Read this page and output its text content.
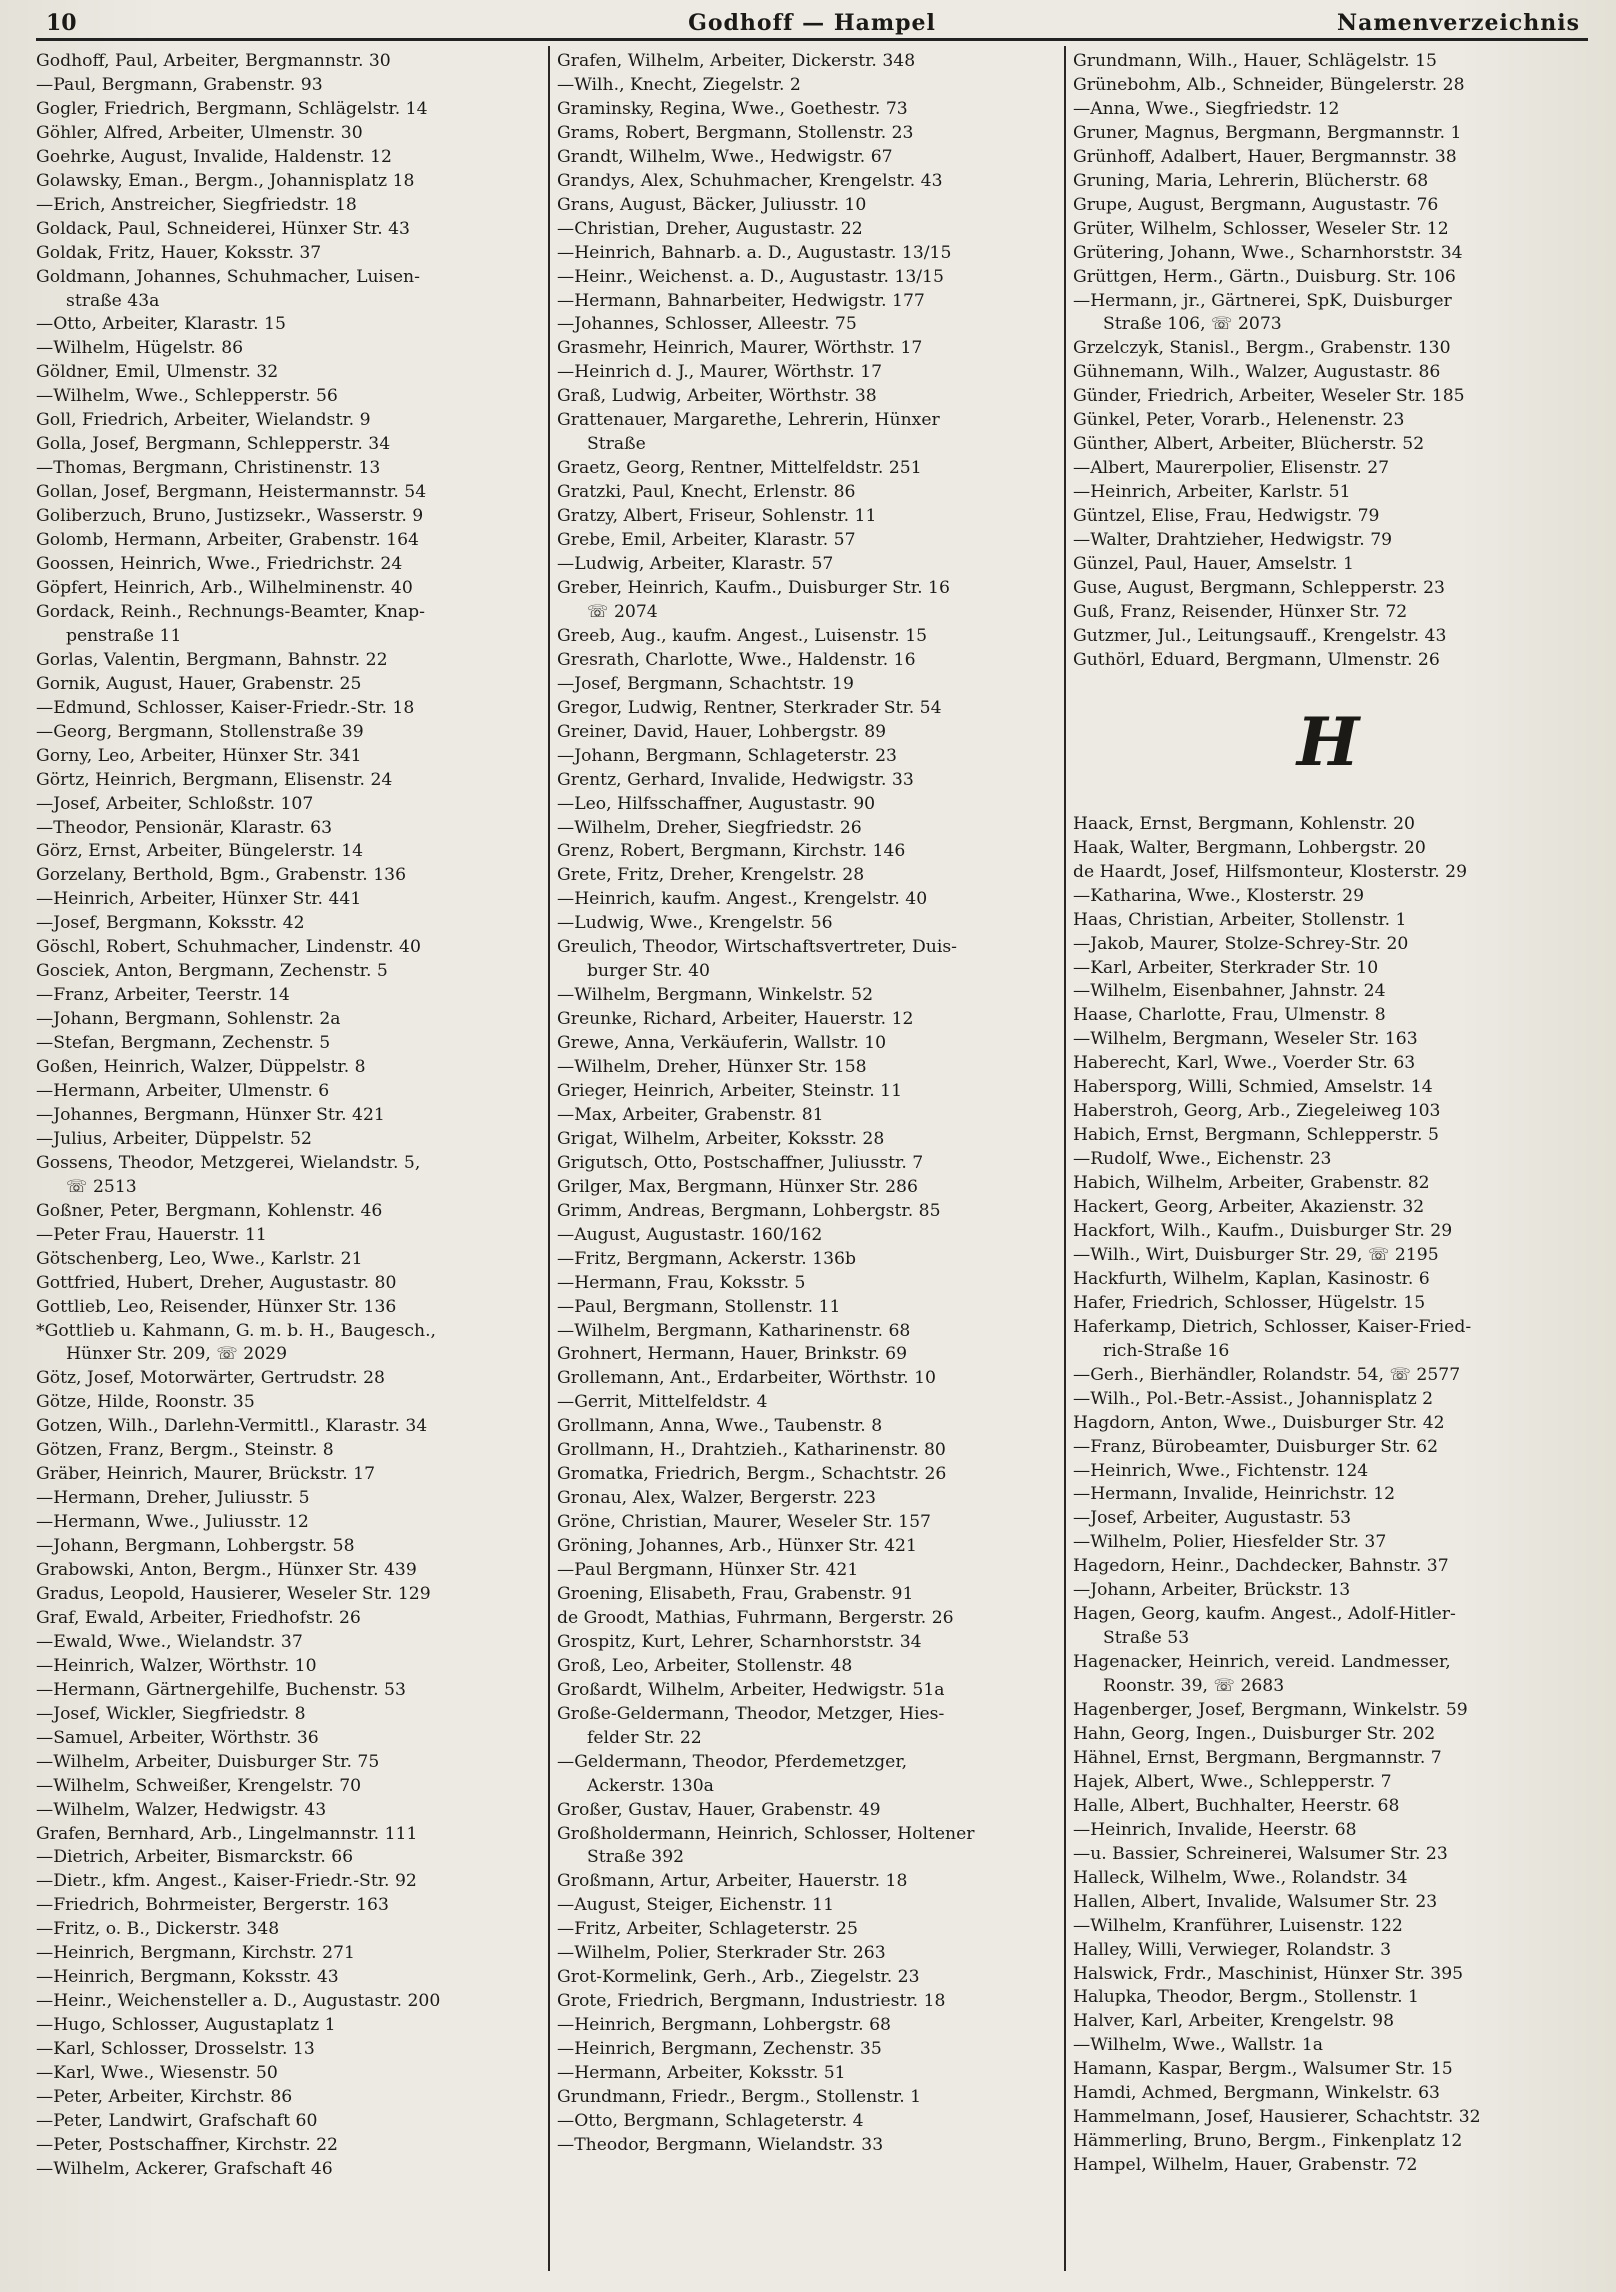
10	Godhoff — Hampel	Namenverzeichnis
Godhoff, Paul, Arbeiter, Bergmannstr. 30
—Paul, Bergmann, Grabenstr. 93
Gogler, Friedrich, Bergmann, Schlägelstr. 14
Göhler, Alfred, Arbeiter, Ulmenstr. 30
Goehrke, August, Invalide, Haldenstr. 12
Golawsky, Eman., Bergm., Johannisplatz 18
—Erich, Anstreicher, Siegfriedstr. 18
Goldack, Paul, Schneiderei, Hünxer Str. 43
Goldak, Fritz, Hauer, Koksstr. 37
Goldmann, Johannes, Schuhmacher, Luisen-
straße 43a
—Otto, Arbeiter, Klarastr. 15
—Wilhelm, Hügelstr. 86
Göldner, Emil, Ulmenstr. 32
—Wilhelm, Wwe., Schlepperstr. 56
Goll, Friedrich, Arbeiter, Wielandstr. 9
Golla, Josef, Bergmann, Schlepperstr. 34
—Thomas, Bergmann, Christinenstr. 13
Gollan, Josef, Bergmann, Heistermannstr. 54
Goliberzuch, Bruno, Justizsekr., Wasserstr. 9
Golomb, Hermann, Arbeiter, Grabenstr. 164
Goossen, Heinrich, Wwe., Friedrichstr. 24
Göpfert, Heinrich, Arb., Wilhelminenstr. 40
Gordack, Reinh., Rechnungs-Beamter, Knap-
penstraße 11
Gorlas, Valentin, Bergmann, Bahnstr. 22
Gornik, August, Hauer, Grabenstr. 25
—Edmund, Schlosser, Kaiser-Friedr.-Str. 18
—Georg, Bergmann, Stollenstraße 39
Gorny, Leo, Arbeiter, Hünxer Str. 341
Görtz, Heinrich, Bergmann, Elisenstr. 24
—Josef, Arbeiter, Schloßstr. 107
—Theodor, Pensionär, Klarastr. 63
Görz, Ernst, Arbeiter, Büngelerstr. 14
Gorzelany, Berthold, Bgm., Grabenstr. 136
—Heinrich, Arbeiter, Hünxer Str. 441
—Josef, Bergmann, Koksstr. 42
Göschl, Robert, Schuhmacher, Lindenstr. 40
Gosciek, Anton, Bergmann, Zechenstr. 5
—Franz, Arbeiter, Teerstr. 14
—Johann, Bergmann, Sohlenstr. 2a
—Stefan, Bergmann, Zechenstr. 5
Goßen, Heinrich, Walzer, Düppelstr. 8
—Hermann, Arbeiter, Ulmenstr. 6
—Johannes, Bergmann, Hünxer Str. 421
—Julius, Arbeiter, Düppelstr. 52
Gossens, Theodor, Metzgerei, Wielandstr. 5,
☏ 2513
Goßner, Peter, Bergmann, Kohlenstr. 46
—Peter Frau, Hauerstr. 11
Götschenberg, Leo, Wwe., Karlstr. 21
Gottfried, Hubert, Dreher, Augustastr. 80
Gottlieb, Leo, Reisender, Hünxer Str. 136
*Gottlieb u. Kahmann, G. m. b. H., Baugesch.,
Hünxer Str. 209, ☏ 2029
Götz, Josef, Motorwärter, Gertrudstr. 28
Götze, Hilde, Roonstr. 35
Gotzen, Wilh., Darlehn-Vermittl., Klarastr. 34
Götzen, Franz, Bergm., Steinstr. 8
Gräber, Heinrich, Maurer, Brückstr. 17
—Hermann, Dreher, Juliusstr. 5
—Hermann, Wwe., Juliusstr. 12
—Johann, Bergmann, Lohbergstr. 58
Grabowski, Anton, Bergm., Hünxer Str. 439
Gradus, Leopold, Hausierer, Weseler Str. 129
Graf, Ewald, Arbeiter, Friedhofstr. 26
—Ewald, Wwe., Wielandstr. 37
—Heinrich, Walzer, Wörthstr. 10
—Hermann, Gärtnergehilfe, Buchenstr. 53
—Josef, Wickler, Siegfriedstr. 8
—Samuel, Arbeiter, Wörthstr. 36
—Wilhelm, Arbeiter, Duisburger Str. 75
—Wilhelm, Schweißer, Krengelstr. 70
—Wilhelm, Walzer, Hedwigstr. 43
Grafen, Bernhard, Arb., Lingelmannstr. 111
—Dietrich, Arbeiter, Bismarckstr. 66
—Dietr., kfm. Angest., Kaiser-Friedr.-Str. 92
—Friedrich, Bohrmeister, Bergerstr. 163
—Fritz, o. B., Dickerstr. 348
—Heinrich, Bergmann, Kirchstr. 271
—Heinrich, Bergmann, Koksstr. 43
—Heinr., Weichensteller a. D., Augustastr. 200
—Hugo, Schlosser, Augustaplatz 1
—Karl, Schlosser, Drosselstr. 13
—Karl, Wwe., Wiesenstr. 50
—Peter, Arbeiter, Kirchstr. 86
—Peter, Landwirt, Grafschaft 60
—Peter, Postschaffner, Kirchstr. 22
—Wilhelm, Ackerer, Grafschaft 46
Grafen, Wilhelm, Arbeiter, Dickerstr. 348
—Wilh., Knecht, Ziegelstr. 2
Graminsky, Regina, Wwe., Goethestr. 73
Grams, Robert, Bergmann, Stollenstr. 23
Grandt, Wilhelm, Wwe., Hedwigstr. 67
Grandys, Alex, Schuhmacher, Krengelstr. 43
Grans, August, Bäcker, Juliusstr. 10
—Christian, Dreher, Augustastr. 22
—Heinrich, Bahnarb. a. D., Augustastr. 13/15
—Heinr., Weichenst. a. D., Augustastr. 13/15
—Hermann, Bahnarbeiter, Hedwigstr. 177
—Johannes, Schlosser, Alleestr. 75
Grasmehr, Heinrich, Maurer, Wörthstr. 17
—Heinrich d. J., Maurer, Wörthstr. 17
Graß, Ludwig, Arbeiter, Wörthstr. 38
Grattenauer, Margarethe, Lehrerin, Hünxer
Straße
Graetz, Georg, Rentner, Mittelfeldstr. 251
Gratzki, Paul, Knecht, Erlenstr. 86
Gratzy, Albert, Friseur, Sohlenstr. 11
Grebe, Emil, Arbeiter, Klarastr. 57
—Ludwig, Arbeiter, Klarastr. 57
Greber, Heinrich, Kaufm., Duisburger Str. 16
☏ 2074
Greeb, Aug., kaufm. Angest., Luisenstr. 15
Gresrath, Charlotte, Wwe., Haldenstr. 16
—Josef, Bergmann, Schachtstr. 19
Gregor, Ludwig, Rentner, Sterkrader Str. 54
Greiner, David, Hauer, Lohbergstr. 89
—Johann, Bergmann, Schlageterstr. 23
Grentz, Gerhard, Invalide, Hedwigstr. 33
—Leo, Hilfsschaffner, Augustastr. 90
—Wilhelm, Dreher, Siegfriedstr. 26
Grenz, Robert, Bergmann, Kirchstr. 146
Grete, Fritz, Dreher, Krengelstr. 28
—Heinrich, kaufm. Angest., Krengelstr. 40
—Ludwig, Wwe., Krengelstr. 56
Greulich, Theodor, Wirtschaftsvertreter, Duis-
burger Str. 40
—Wilhelm, Bergmann, Winkelstr. 52
Greunke, Richard, Arbeiter, Hauerstr. 12
Grewe, Anna, Verkäuferin, Wallstr. 10
—Wilhelm, Dreher, Hünxer Str. 158
Grieger, Heinrich, Arbeiter, Steinstr. 11
—Max, Arbeiter, Grabenstr. 81
Grigat, Wilhelm, Arbeiter, Koksstr. 28
Grigutsch, Otto, Postschaffner, Juliusstr. 7
Grilger, Max, Bergmann, Hünxer Str. 286
Grimm, Andreas, Bergmann, Lohbergstr. 85
—August, Augustastr. 160/162
—Fritz, Bergmann, Ackerstr. 136b
—Hermann, Frau, Koksstr. 5
—Paul, Bergmann, Stollenstr. 11
—Wilhelm, Bergmann, Katharinenstr. 68
Grohnert, Hermann, Hauer, Brinkstr. 69
Grollemann, Ant., Erdarbeiter, Wörthstr. 10
—Gerrit, Mittelfeldstr. 4
Grollmann, Anna, Wwe., Taubenstr. 8
Grollmann, H., Drahtzieh., Katharinenstr. 80
Gromatka, Friedrich, Bergm., Schachtstr. 26
Gronau, Alex, Walzer, Bergerstr. 223
Gröne, Christian, Maurer, Weseler Str. 157
Gröning, Johannes, Arb., Hünxer Str. 421
—Paul Bergmann, Hünxer Str. 421
Groening, Elisabeth, Frau, Grabenstr. 91
de Groodt, Mathias, Fuhrmann, Bergerstr. 26
Grospitz, Kurt, Lehrer, Scharnhorststr. 34
Groß, Leo, Arbeiter, Stollenstr. 48
Großardt, Wilhelm, Arbeiter, Hedwigstr. 51a
Große-Geldermann, Theodor, Metzger, Hies-
felder Str. 22
—Geldermann, Theodor, Pferdemetzger,
Ackerstr. 130a
Großer, Gustav, Hauer, Grabenstr. 49
Großholdermann, Heinrich, Schlosser, Holtener
Straße 392
Großmann, Artur, Arbeiter, Hauerstr. 18
—August, Steiger, Eichenstr. 11
—Fritz, Arbeiter, Schlageterstr. 25
—Wilhelm, Polier, Sterkrader Str. 263
Grot-Kormelink, Gerh., Arb., Ziegelstr. 23
Grote, Friedrich, Bergmann, Industriestr. 18
—Heinrich, Bergmann, Lohbergstr. 68
—Heinrich, Bergmann, Zechenstr. 35
—Hermann, Arbeiter, Koksstr. 51
Grundmann, Friedr., Bergm., Stollenstr. 1
—Otto, Bergmann, Schlageterstr. 4
—Theodor, Bergmann, Wielandstr. 33
Grundmann, Wilh., Hauer, Schlägelstr. 15
Grünebohm, Alb., Schneider, Büngelerstr. 28
—Anna, Wwe., Siegfriedstr. 12
Gruner, Magnus, Bergmann, Bergmannstr. 1
Grünhoff, Adalbert, Hauer, Bergmannstr. 38
Gruning, Maria, Lehrerin, Blücherstr. 68
Grupe, August, Bergmann, Augustastr. 76
Grüter, Wilhelm, Schlosser, Weseler Str. 12
Grütering, Johann, Wwe., Scharnhorststr. 34
Grüttgen, Herm., Gärtn., Duisburg. Str. 106
—Hermann, jr., Gärtnerei, SpK, Duisburger
Straße 106, ☏ 2073
Grzelczyk, Stanisl., Bergm., Grabenstr. 130
Gühnemann, Wilh., Walzer, Augustastr. 86
Günder, Friedrich, Arbeiter, Weseler Str. 185
Günkel, Peter, Vorarb., Helenenstr. 23
Günther, Albert, Arbeiter, Blücherstr. 52
—Albert, Maurerpolier, Elisenstr. 27
—Heinrich, Arbeiter, Karlstr. 51
Güntzel, Elise, Frau, Hedwigstr. 79
—Walter, Drahtzieher, Hedwigstr. 79
Günzel, Paul, Hauer, Amselstr. 1
Guse, August, Bergmann, Schlepperstr. 23
Guß, Franz, Reisender, Hünxer Str. 72
Gutzmer, Jul., Leitungsauff., Krengelstr. 43
Guthörl, Eduard, Bergmann, Ulmenstr. 26
H
Haack, Ernst, Bergmann, Kohlenstr. 20
Haak, Walter, Bergmann, Lohbergstr. 20
de Haardt, Josef, Hilfsmonteur, Klosterstr. 29
—Katharina, Wwe., Klosterstr. 29
Haas, Christian, Arbeiter, Stollenstr. 1
—Jakob, Maurer, Stolze-Schrey-Str. 20
—Karl, Arbeiter, Sterkrader Str. 10
—Wilhelm, Eisenbahner, Jahnstr. 24
Haase, Charlotte, Frau, Ulmenstr. 8
—Wilhelm, Bergmann, Weseler Str. 163
Haberecht, Karl, Wwe., Voerder Str. 63
Habersporg, Willi, Schmied, Amselstr. 14
Haberstroh, Georg, Arb., Ziegeleiweg 103
Habich, Ernst, Bergmann, Schlepperstr. 5
—Rudolf, Wwe., Eichenstr. 23
Habich, Wilhelm, Arbeiter, Grabenstr. 82
Hackert, Georg, Arbeiter, Akazienstr. 32
Hackfort, Wilh., Kaufm., Duisburger Str. 29
—Wilh., Wirt, Duisburger Str. 29, ☏ 2195
Hackfurth, Wilhelm, Kaplan, Kasinostr. 6
Hafer, Friedrich, Schlosser, Hügelstr. 15
Haferkamp, Dietrich, Schlosser, Kaiser-Fried-
rich-Straße 16
—Gerh., Bierhändler, Rolandstr. 54, ☏ 2577
—Wilh., Pol.-Betr.-Assist., Johannisplatz 2
Hagdorn, Anton, Wwe., Duisburger Str. 42
—Franz, Bürobeamter, Duisburger Str. 62
—Heinrich, Wwe., Fichtenstr. 124
—Hermann, Invalide, Heinrichstr. 12
—Josef, Arbeiter, Augustastr. 53
—Wilhelm, Polier, Hiesfelder Str. 37
Hagedorn, Heinr., Dachdecker, Bahnstr. 37
—Johann, Arbeiter, Brückstr. 13
Hagen, Georg, kaufm. Angest., Adolf-Hitler-
Straße 53
Hagenacker, Heinrich, vereid. Landmesser,
Roonstr. 39, ☏ 2683
Hagenberger, Josef, Bergmann, Winkelstr. 59
Hahn, Georg, Ingen., Duisburger Str. 202
Hähnel, Ernst, Bergmann, Bergmannstr. 7
Hajek, Albert, Wwe., Schlepperstr. 7
Halle, Albert, Buchhalter, Heerstr. 68
—Heinrich, Invalide, Heerstr. 68
—u. Bassier, Schreinerei, Walsumer Str. 23
Halleck, Wilhelm, Wwe., Rolandstr. 34
Hallen, Albert, Invalide, Walsumer Str. 23
—Wilhelm, Kranführer, Luisenstr. 122
Halley, Willi, Verwieger, Rolandstr. 3
Halswick, Frdr., Maschinist, Hünxer Str. 395
Halupka, Theodor, Bergm., Stollenstr. 1
Halver, Karl, Arbeiter, Krengelstr. 98
—Wilhelm, Wwe., Wallstr. 1a
Hamann, Kaspar, Bergm., Walsumer Str. 15
Hamdi, Achmed, Bergmann, Winkelstr. 63
Hammelmann, Josef, Hausierer, Schachtstr. 32
Hämmerling, Bruno, Bergm., Finkenplatz 12
Hampel, Wilhelm, Hauer, Grabenstr. 72
